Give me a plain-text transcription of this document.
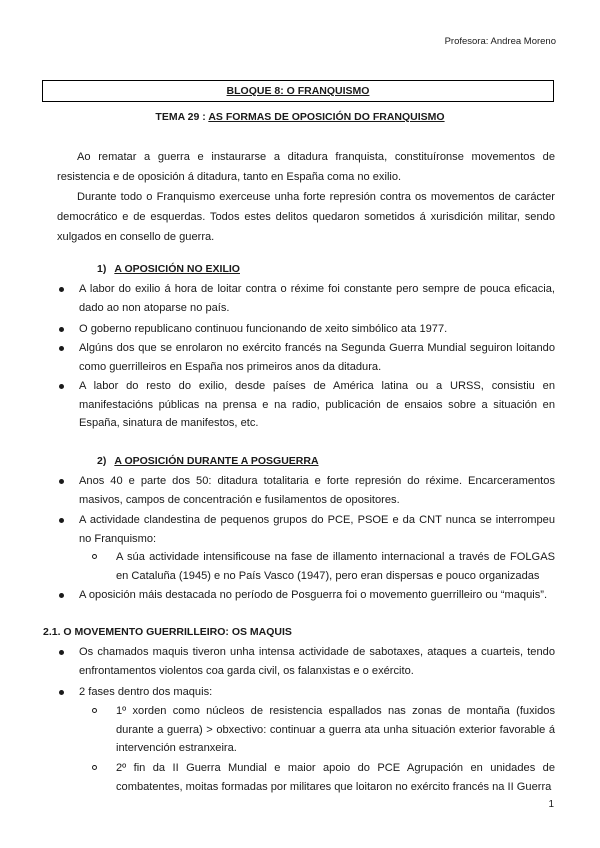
Profesora: Andrea Moreno
BLOQUE 8: O FRANQUISMO
TEMA 29 : AS FORMAS DE OPOSICIÓN DO FRANQUISMO
Ao rematar a guerra e instaurarse a ditadura franquista, constituíronse movementos de resistencia e de oposición á ditadura, tanto en España coma no exilio.
Durante todo o Franquismo exerceuse unha forte represión contra os movementos de carácter democrático e de esquerdas. Todos estes delitos quedaron sometidos á xurisdición militar, sendo xulgados en consello de guerra.
1) A OPOSICIÓN NO EXILIO
A labor do exilio á hora de loitar contra o réxime foi constante pero sempre de pouca eficacia, dado ao non atoparse no país.
O goberno republicano continuou funcionando de xeito simbólico ata 1977.
Algúns dos que se enrolaron no exército francés na Segunda Guerra Mundial seguiron loitando como guerrilleiros en España nos primeiros anos da ditadura.
A labor do resto do exilio, desde países de América latina ou a URSS, consistiu en manifestacións públicas na prensa e na radio, publicación de ensaios sobre a situación en España, sinatura de manifestos, etc.
2) A OPOSICIÓN DURANTE A POSGUERRA
Anos 40 e parte dos 50: ditadura totalitaria e forte represión do réxime. Encarceramentos masivos, campos de concentración e fusilamentos de opositores.
A actividade clandestina de pequenos grupos do PCE, PSOE e da CNT nunca se interrompeu no Franquismo:
A súa actividade intensificouse na fase de illamento internacional a través de FOLGAS en Cataluña (1945) e no País Vasco (1947), pero eran dispersas e pouco organizadas
A oposición máis destacada no período de Posguerra foi o movemento guerrilleiro ou “maquis”.
2.1. O MOVEMENTO GUERRILLEIRO: OS MAQUIS
Os chamados maquis tiveron unha intensa actividade de sabotaxes, ataques a cuarteis, tendo enfrontamentos violentos coa garda civil, os falanxistas e o exército.
2 fases dentro dos maquis:
1º xorden como núcleos de resistencia espallados nas zonas de montaña (fuxidos durante a guerra) > obxectivo: continuar a guerra ata unha situación exterior favorable á intervención estranxeira.
2º fin da II Guerra Mundial e maior apoio do PCE Agrupación en unidades de combatentes, moitas formadas por militares que loitaron no exército francés na II Guerra
1
